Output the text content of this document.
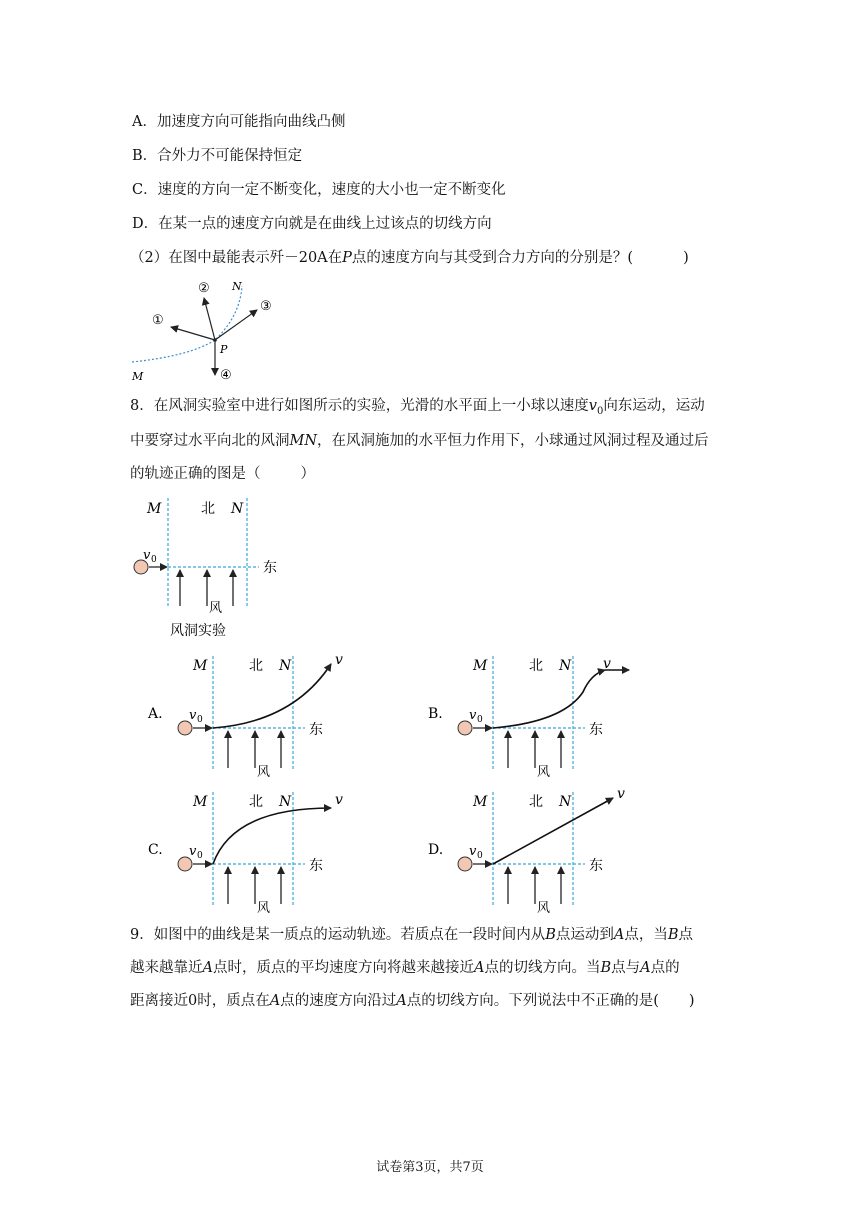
A．加速度方向可能指向曲线凸侧
B．合外力不可能保持恒定
C．速度的方向一定不断变化，速度的大小也一定不断变化
D．在某一点的速度方向就是在曲线上过该点的切线方向
（2）在图中最能表示歼－20A在P点的速度方向与其受到合力方向的分别是？(	)
①
②
③
④
N
M
P
8．在风洞实验室中进行如图所示的实验，光滑的水平面上一小球以速度$v_0$向东运动，运动
中要穿过水平向北的风洞MN，在风洞施加的水平恒力作用下，小球通过风洞过程及通过后
的轨迹正确的图是（	）
M	北 N
东
风
v 0
风洞实验
M	北 N
东
风
v 0
v
A.
M	北 N
东
风
v 0
v
B.
M	北 N
东
风
v 0
v
C.
M	北 N
东
风
v 0
v
D.
9．如图中的曲线是某一质点的运动轨迹。若质点在一段时间内从B点运动到A点，当B点
越来越靠近A点时，质点的平均速度方向将越来越接近A点的切线方向。当B点与A点的
距离接近0时，质点在A点的速度方向沿过A点的切线方向。下列说法中不正确的是( )
试卷第3页，共7页
